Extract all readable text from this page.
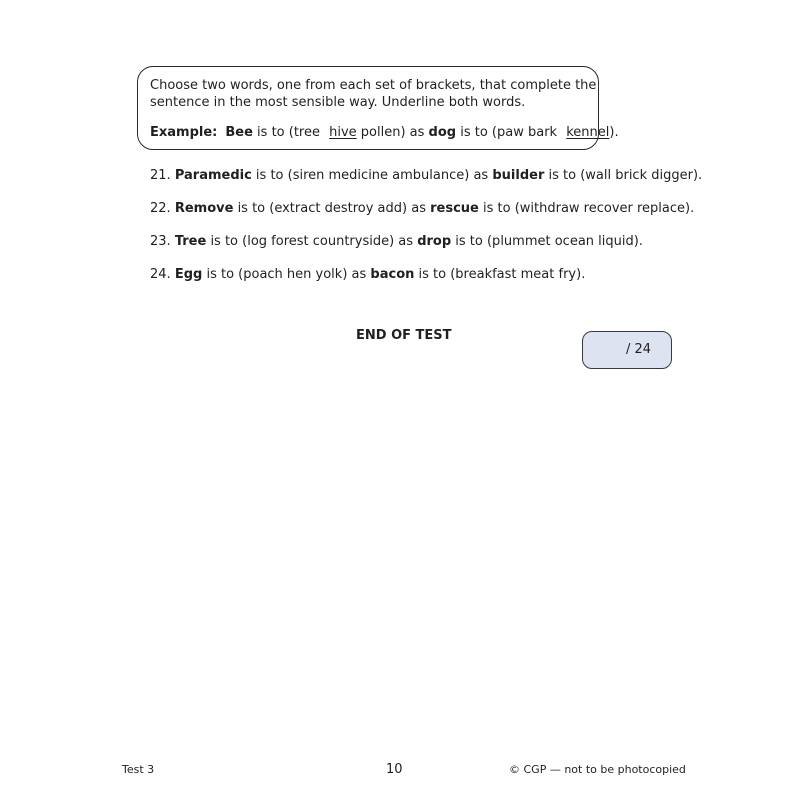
Choose two words, one from each set of brackets, that complete the
sentence in the most sensible way. Underline both words.
Example: Bee is to (tree hive pollen) as dog is to (paw bark kennel).
21. Paramedic is to (siren medicine ambulance) as builder is to (wall brick digger).
22. Remove is to (extract destroy add) as rescue is to (withdraw recover replace).
23. Tree is to (log forest countryside) as drop is to (plummet ocean liquid).
24. Egg is to (poach hen yolk) as bacon is to (breakfast meat fry).
END OF TEST
/ 24
Test 3	10	© CGP — not to be photocopied
